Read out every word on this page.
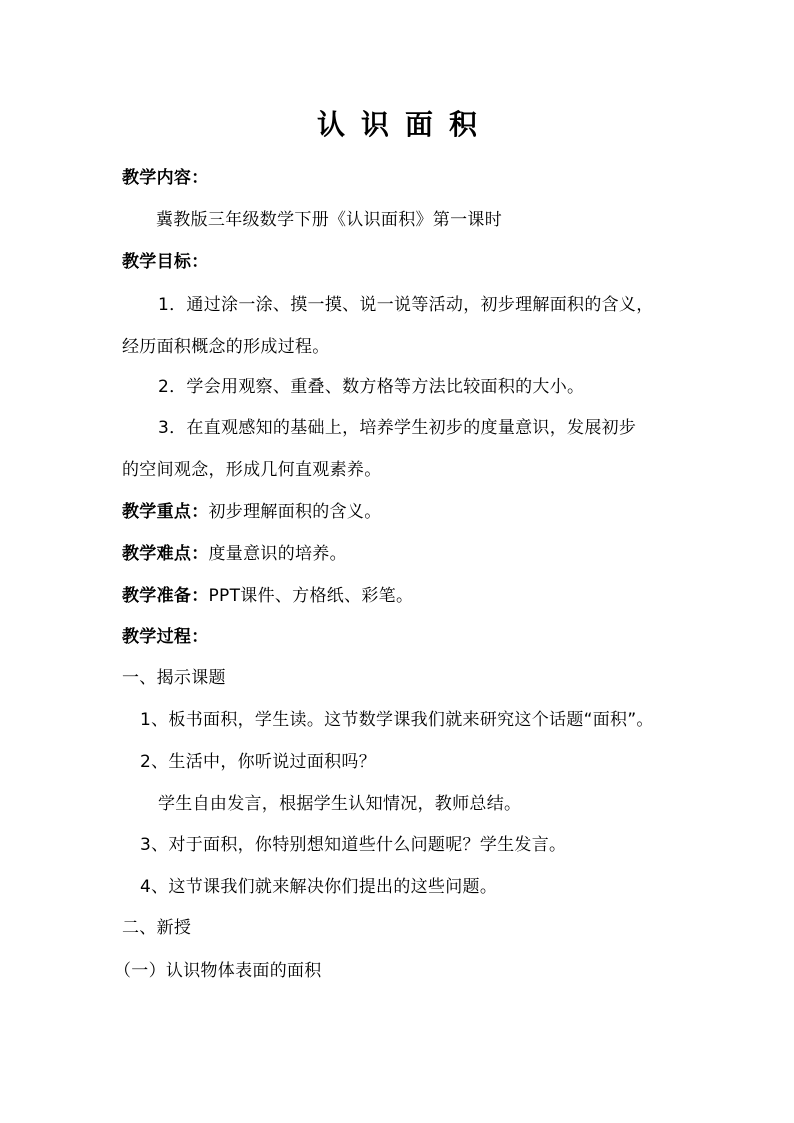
认识面积
教学内容：
冀教版三年级数学下册《认识面积》第一课时
教学目标：
1．通过涂一涂、摸一摸、说一说等活动，初步理解面积的含义，
经历面积概念的形成过程。
2．学会用观察、重叠、数方格等方法比较面积的大小。
3．在直观感知的基础上，培养学生初步的度量意识，发展初步
的空间观念，形成几何直观素养。
教学重点：初步理解面积的含义。
教学难点：度量意识的培养。
教学准备：PPT课件、方格纸、彩笔。
教学过程：
一、揭示课题
1、板书面积，学生读。这节数学课我们就来研究这个话题“面积”。
2、生活中，你听说过面积吗？
学生自由发言，根据学生认知情况，教师总结。
3、对于面积，你特别想知道些什么问题呢？学生发言。
4、这节课我们就来解决你们提出的这些问题。
二、新授
（一）认识物体表面的面积
